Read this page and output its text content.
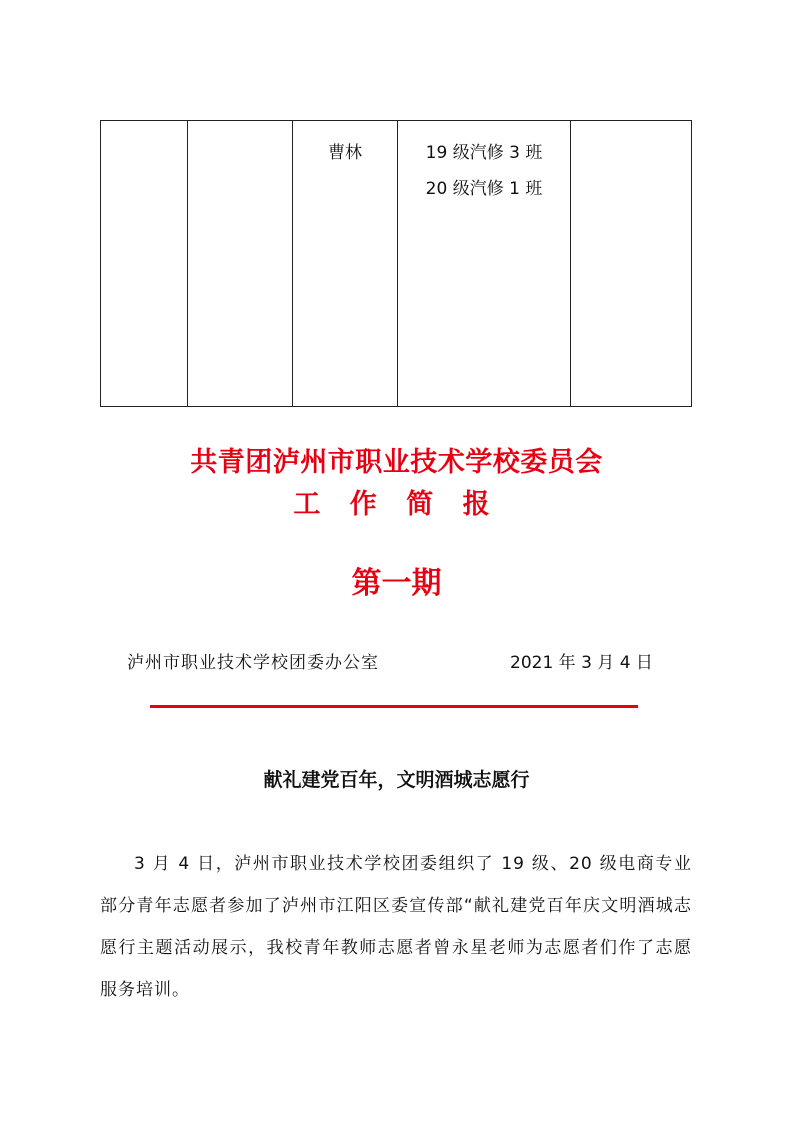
		曹林	19 级汽修 3 班
20 级汽修 1 班

共青团泸州市职业技术学校委员会
工 作 简 报
第一期
泸州市职业技术学校团委办公室	2021 年 3 月 4 日
献礼建党百年，文明酒城志愿行
3 月 4 日，泸州市职业技术学校团委组织了 19 级、20 级电商专业部分青年志愿者参加了泸州市江阳区委宣传部“献礼建党百年庆文明酒城志愿行主题活动展示，我校青年教师志愿者曾永星老师为志愿者们作了志愿服务培训。
